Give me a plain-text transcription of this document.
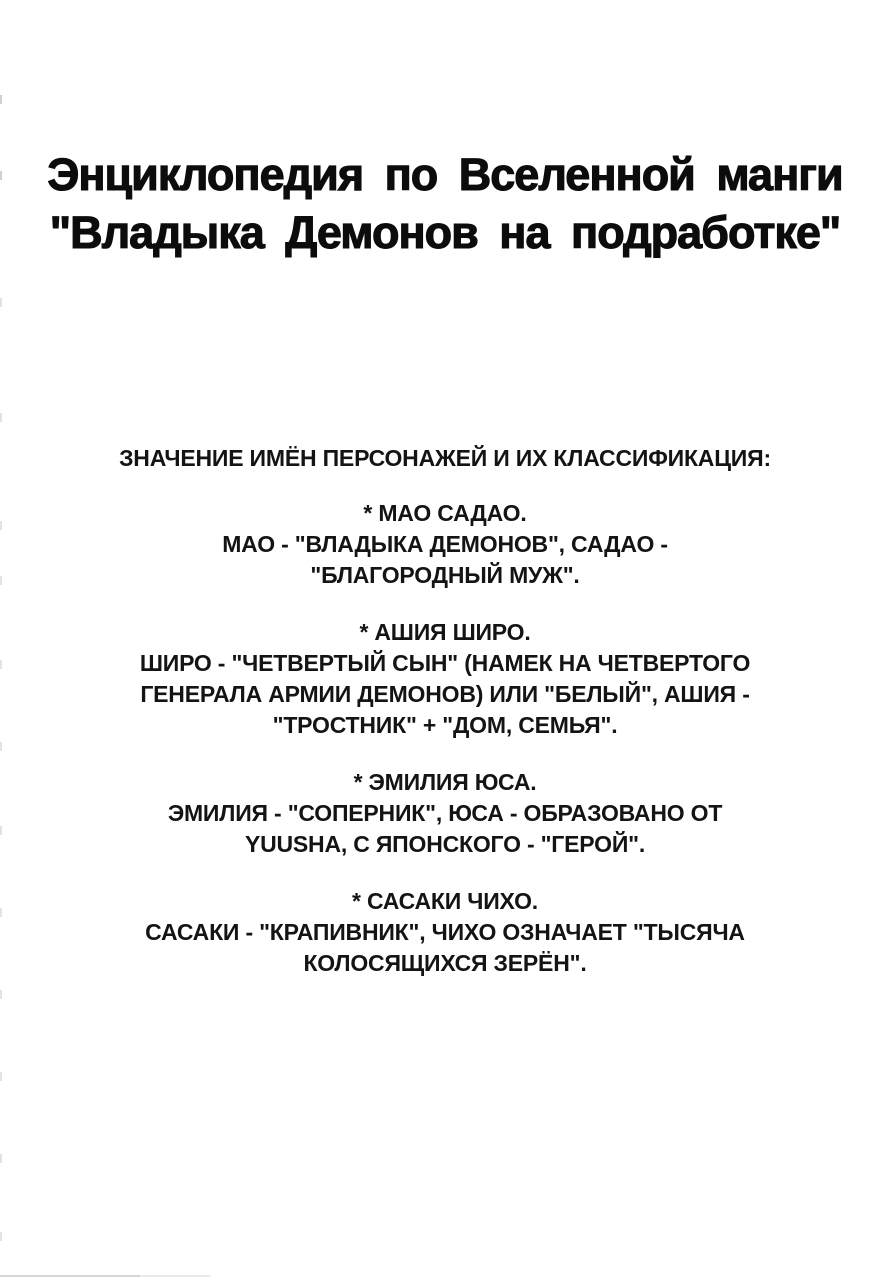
Энциклопедия по Вселенной манги
"Владыка Демонов на подработке"
ЗНАЧЕНИЕ ИМЁН ПЕРСОНАЖЕЙ И ИХ КЛАССИФИКАЦИЯ:
* МАО САДАО.
МАО - "ВЛАДЫКА ДЕМОНОВ", САДАО -
"БЛАГОРОДНЫЙ МУЖ".
* АШИЯ ШИРО.
ШИРО - "ЧЕТВЕРТЫЙ СЫН" (НАМЕК НА ЧЕТВЕРТОГО
ГЕНЕРАЛА АРМИИ ДЕМОНОВ) ИЛИ "БЕЛЫЙ", АШИЯ -
"ТРОСТНИК" + "ДОМ, СЕМЬЯ".
* ЭМИЛИЯ ЮСА.
ЭМИЛИЯ - "СОПЕРНИК", ЮСА - ОБРАЗОВАНО ОТ
YUUSHA, С ЯПОНСКОГО - "ГЕРОЙ".
* САСАКИ ЧИХО.
САСАКИ - "КРАПИВНИК", ЧИХО ОЗНАЧАЕТ "ТЫСЯЧА
КОЛОСЯЩИХСЯ ЗЕРЁН".
